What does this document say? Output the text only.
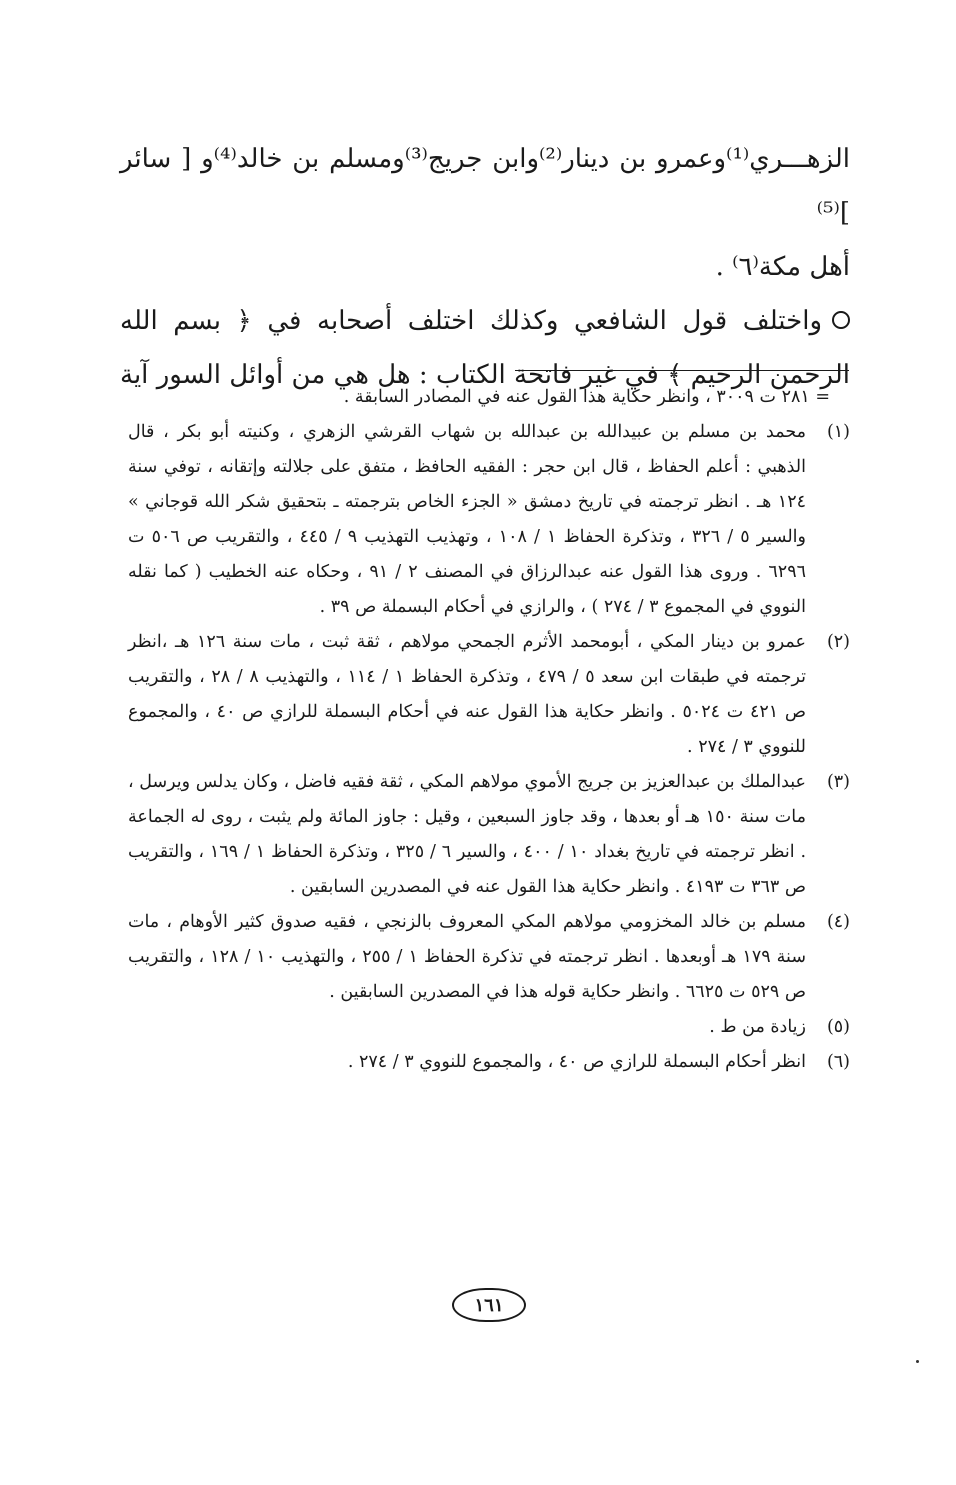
الزهـــري⁽¹⁾وعمرو بن دينار⁽²⁾وابن جريج⁽³⁾ومسلم بن خالد⁽⁴⁾و [ سائر ]⁽⁵⁾

أهل مكة⁽٦⁾ .

واختلف قول الشافعي وكذلك اختلف أصحابه في ﴿ بسم الله

الرحمن الرحيم ﴾ في غير فاتحة الكتاب : هل هي من أوائل السور آية

= ٢٨١ ت ٣٠٠٩ ، وانظر حكاية هذا القول عنه في المصادر السابقة .

(١)محمد بن مسلم بن عبيدالله بن عبدالله بن شهاب القرشي الزهري ، وكنيته أبو بكر ، قال الذهبي : أعلم الحفاظ ، قال ابن حجر : الفقيه الحافظ ، متفق على جلالته وإتقانه ، توفي سنة ١٢٤ هـ . انظر ترجمته في تاريخ دمشق « الجزء الخاص بترجمته ـ بتحقيق شكر الله قوجاني » والسير ٥ / ٣٢٦ ، وتذكرة الحفاظ ١ / ١٠٨ ، وتهذيب التهذيب ٩ / ٤٤٥ ، والتقريب ص ٥٠٦ ت ٦٢٩٦ . وروى هذا القول عنه عبدالرزاق في المصنف ٢ / ٩١ ، وحكاه عنه الخطيب ( كما نقله النووي في المجموع ٣ / ٢٧٤ ) ، والرازي في أحكام البسملة ص ٣٩ .

(٢)عمرو بن دينار المكي ، أبومحمد الأثرم الجمحي مولاهم ، ثقة ثبت ، مات سنة ١٢٦ هـ ،انظر ترجمته في طبقات ابن سعد ٥ / ٤٧٩ ، وتذكرة الحفاظ ١ / ١١٤ ، والتهذيب ٨ / ٢٨ ، والتقريب ص ٤٢١ ت ٥٠٢٤ . وانظر حكاية هذا القول عنه في أحكام البسملة للرازي ص ٤٠ ، والمجموع للنووي ٣ / ٢٧٤ .

(٣)عبدالملك بن عبدالعزيز بن جريج الأموي مولاهم المكي ، ثقة فقيه فاضل ، وكان يدلس ويرسل ، مات سنة ١٥٠ هـ أو بعدها ، وقد جاوز السبعين ، وقيل : جاوز المائة ولم يثبت ، روى له الجماعة . انظر ترجمته في تاريخ بغداد ١٠ / ٤٠٠ ، والسير ٦ / ٣٢٥ ، وتذكرة الحفاظ ١ / ١٦٩ ، والتقريب ص ٣٦٣ ت ٤١٩٣ . وانظر حكاية هذا القول عنه في المصدرين السابقين .

(٤)مسلم بن خالد المخزومي مولاهم المكي المعروف بالزنجي ، فقيه صدوق كثير الأوهام ، مات سنة ١٧٩ هـ أوبعدها . انظر ترجمته في تذكرة الحفاظ ١ / ٢٥٥ ، والتهذيب ١٠ / ١٢٨ ، والتقريب ص ٥٢٩ ت ٦٦٢٥ . وانظر حكاية قوله هذا في المصدرين السابقين .

(٥)زيادة من ط .

(٦)انظر أحكام البسملة للرازي ص ٤٠ ، والمجموع للنووي ٣ / ٢٧٤ .

١٦١
